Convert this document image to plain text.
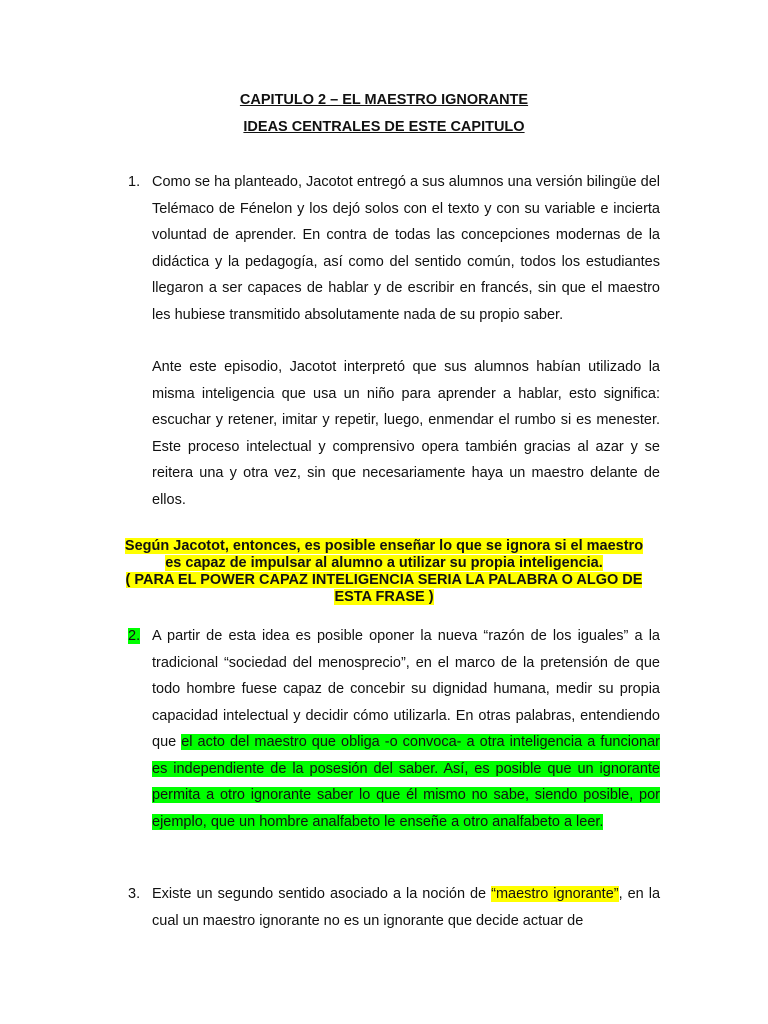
CAPITULO 2 – EL MAESTRO IGNORANTE
IDEAS CENTRALES DE ESTE CAPITULO
1. Como se ha planteado, Jacotot entregó a sus alumnos una versión bilingüe del Telémaco de Fénelon y los dejó solos con el texto y con su variable e incierta voluntad de aprender. En contra de todas las concepciones modernas de la didáctica y la pedagogía, así como del sentido común, todos los estudiantes llegaron a ser capaces de hablar y de escribir en francés, sin que el maestro les hubiese transmitido absolutamente nada de su propio saber.
Ante este episodio, Jacotot interpretó que sus alumnos habían utilizado la misma inteligencia que usa un niño para aprender a hablar, esto significa: escuchar y retener, imitar y repetir, luego, enmendar el rumbo si es menester. Este proceso intelectual y comprensivo opera también gracias al azar y se reitera una y otra vez, sin que necesariamente haya un maestro delante de ellos.
Según Jacotot, entonces, es posible enseñar lo que se ignora si el maestro
es capaz de impulsar al alumno a utilizar su propia inteligencia.
( PARA EL POWER CAPAZ INTELIGENCIA SERIA LA PALABRA O ALGO DE
ESTA FRASE )
2. A partir de esta idea es posible oponer la nueva “razón de los iguales” a la tradicional “sociedad del menosprecio”, en el marco de la pretensión de que todo hombre fuese capaz de concebir su dignidad humana, medir su propia capacidad intelectual y decidir cómo utilizarla. En otras palabras, entendiendo que el acto del maestro que obliga -o convoca- a otra inteligencia a funcionar es independiente de la posesión del saber. Así, es posible que un ignorante permita a otro ignorante saber lo que él mismo no sabe, siendo posible, por ejemplo, que un hombre analfabeto le enseñe a otro analfabeto a leer.
3. Existe un segundo sentido asociado a la noción de “maestro ignorante”, en la cual un maestro ignorante no es un ignorante que decide actuar de
